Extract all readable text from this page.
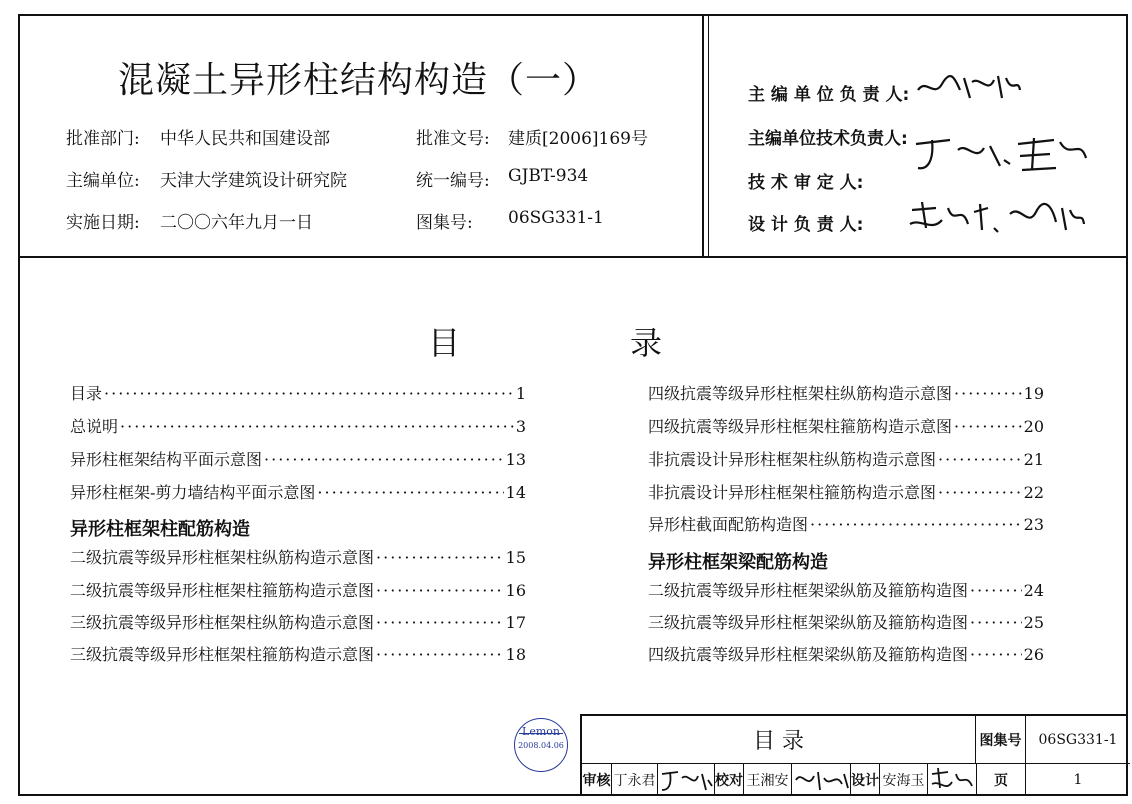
混凝土异形柱结构构造（一）
批准部门: 中华人民共和国建设部	批准文号: 建质[2006]169号
主编单位: 天津大学建筑设计研究院	统一编号: GJBT-934
实施日期: 二〇〇六年九月一日	图集号: 06SG331-1
主 编 单 位 负 责 人:
主编单位技术负责人:
技 术 审 定 人:
设 计 负 责 人:
目	录
目录 ·····	1
总说明 ·····	3
异形柱框架结构平面示意图 ·····	13
异形柱框架-剪力墙结构平面示意图 ·····	14
异形柱框架柱配筋构造
二级抗震等级异形柱框架柱纵筋构造示意图 ·····	15
二级抗震等级异形柱框架柱箍筋构造示意图 ·····	16
三级抗震等级异形柱框架柱纵筋构造示意图 ·····	17
三级抗震等级异形柱框架柱箍筋构造示意图 ·····	18
四级抗震等级异形柱框架柱纵筋构造示意图 ·····	19
四级抗震等级异形柱框架柱箍筋构造示意图 ·····	20
非抗震设计异形柱框架柱纵筋构造示意图 ·····	21
非抗震设计异形柱框架柱箍筋构造示意图 ·····	22
异形柱截面配筋构造图 ·····	23
异形柱框架梁配筋构造
二级抗震等级异形柱框架梁纵筋及箍筋构造图 ·····	24
三级抗震等级异形柱框架梁纵筋及箍筋构造图 ·····	25
四级抗震等级异形柱框架梁纵筋及箍筋构造图 ·····	26
Lemon
2008.04.06	目 录	图集号	06SG331-1
审核 丁永君	校对 王湘安	设计 安海玉	页	1
